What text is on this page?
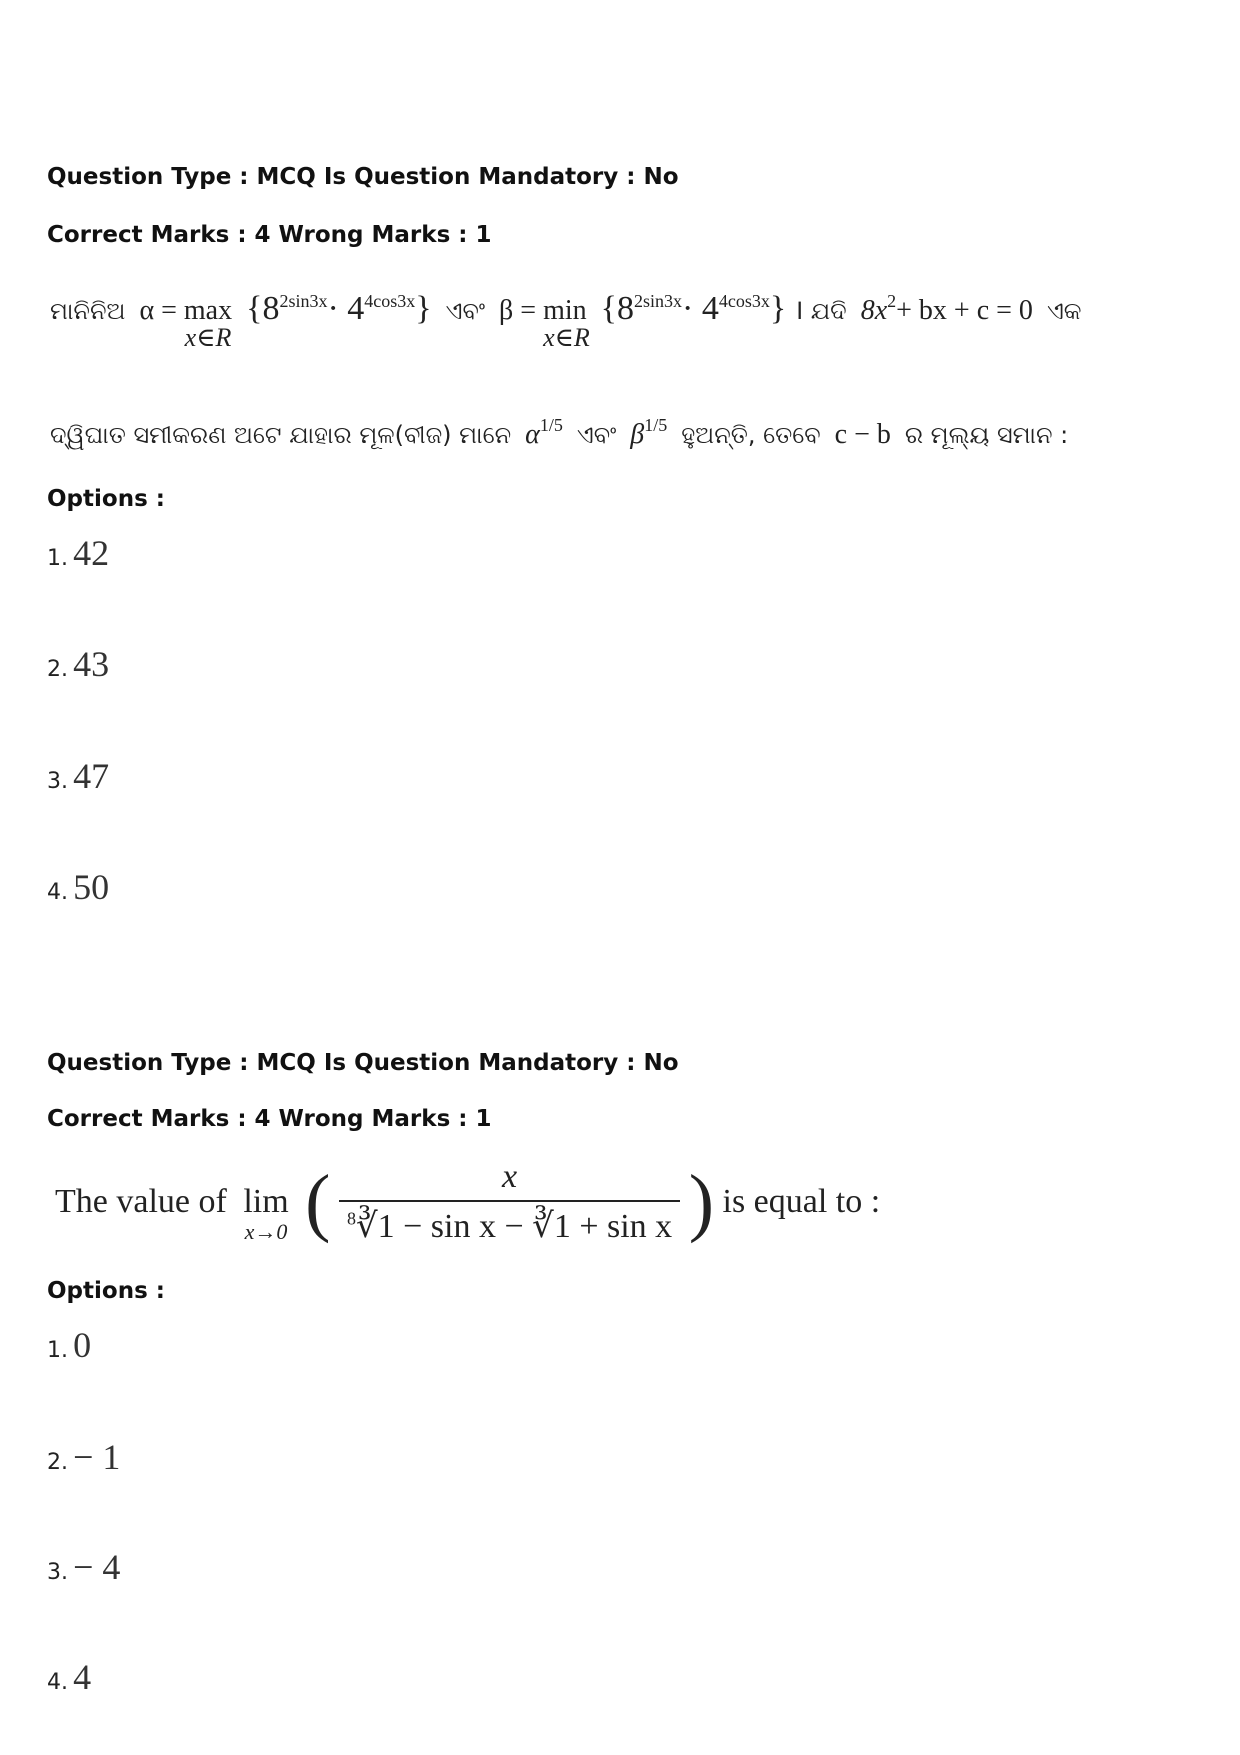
Question Type : MCQ Is Question Mandatory : No
Correct Marks : 4 Wrong Marks : 1
ମାନିନିଅ α = max
x∈R
$\{8^{2sin3x}\cdot 4^{4cos3x}\}$ ଏବଂ β = min
x∈R
$\{8^{2sin3x}\cdot 4^{4cos3x}\}$ । ଯଦି $8x^2+$ bx + c = 0 ଏକ
ଦ୍ୱିଘାତ ସମୀକରଣ ଅଟେ ଯାହାର ମୂଳ(ବୀଜ) ମାନେ $\alpha^{1/5}$ ଏବଂ $\beta^{1/5}$ ହୁଅନ୍ତି, ତେବେ c − b ର ମୂଲ୍ୟ ସମାନ :
Options :
1. 42
2. 43
3. 47
4. 50
Question Type : MCQ Is Question Mandatory : No
Correct Marks : 4 Wrong Marks : 1
The value of lim
x→0 ( $\frac{x}{^8∛1 - \sin x - ∛1 + \sin x}$ ) is equal to :
Options :
1. 0
2. − 1
3. − 4
4. 4
